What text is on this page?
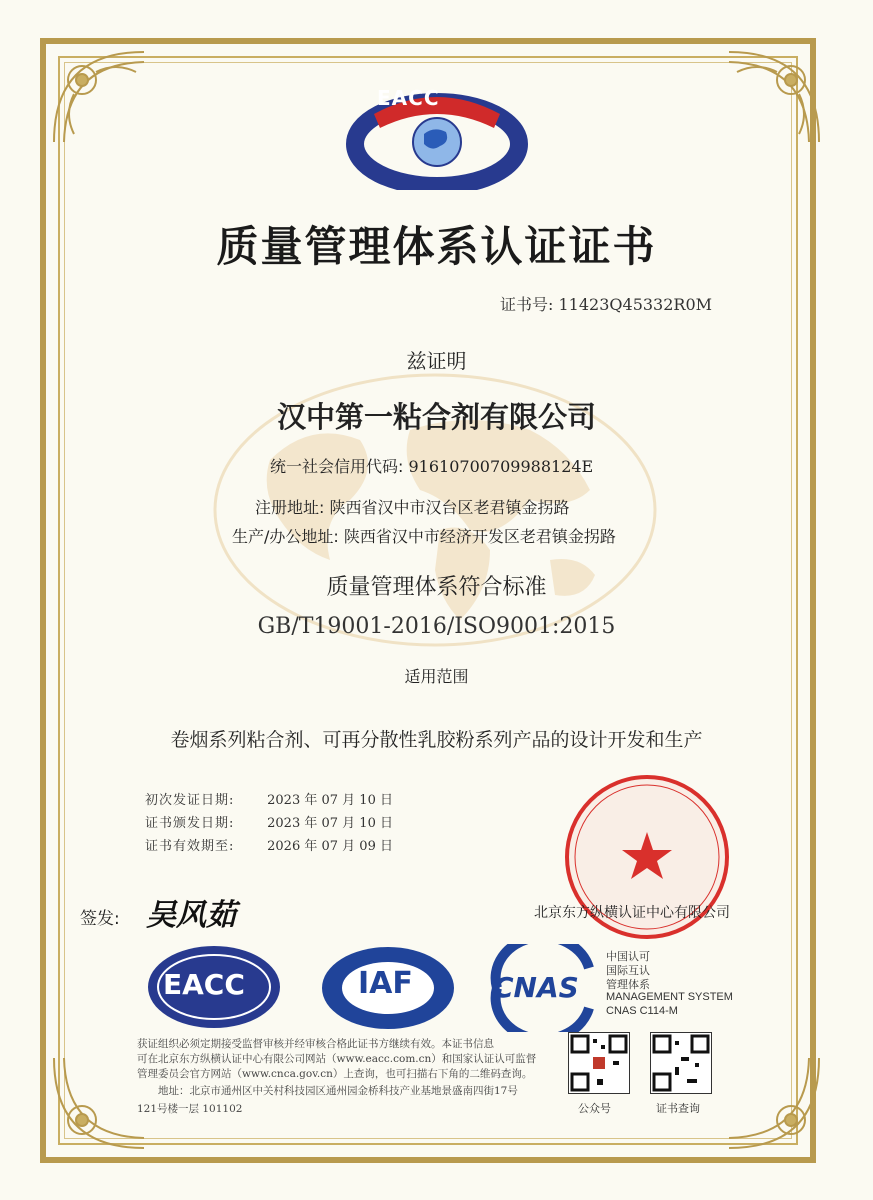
EACC
质量管理体系认证证书
证书号: 11423Q45332R0M
兹证明
汉中第一粘合剂有限公司
统一社会信用代码: 91610700709988124E
注册地址: 陕西省汉中市汉台区老君镇金拐路
生产/办公地址: 陕西省汉中市经济开发区老君镇金拐路
质量管理体系符合标准
GB/T19001-2016/ISO9001:2015
适用范围
卷烟系列粘合剂、可再分散性乳胶粉系列产品的设计开发和生产
初次发证日期:	2023 年 07 月 10 日
证书颁发日期:	2023 年 07 月 10 日
证书有效期至:	2026 年 07 月 09 日
签发: 吴风茹	北京东方纵横认证中心有限公司
EACC	IAF	CNAS
中国认可
国际互认
管理体系
MANAGEMENT SYSTEM
CNAS C114-M
获证组织必须定期接受监督审核并经审核合格此证书方继续有效。本证书信息
可在北京东方纵横认证中心有限公司网站（www.eacc.com.cn）和国家认证认可监督
管理委员会官方网站（www.cnca.gov.cn）上查询，也可扫描右下角的二维码查询。
地址：北京市通州区中关村科技园区通州园金桥科技产业基地景盛南四街17号
121号楼一层 101102	公众号	证书查询
